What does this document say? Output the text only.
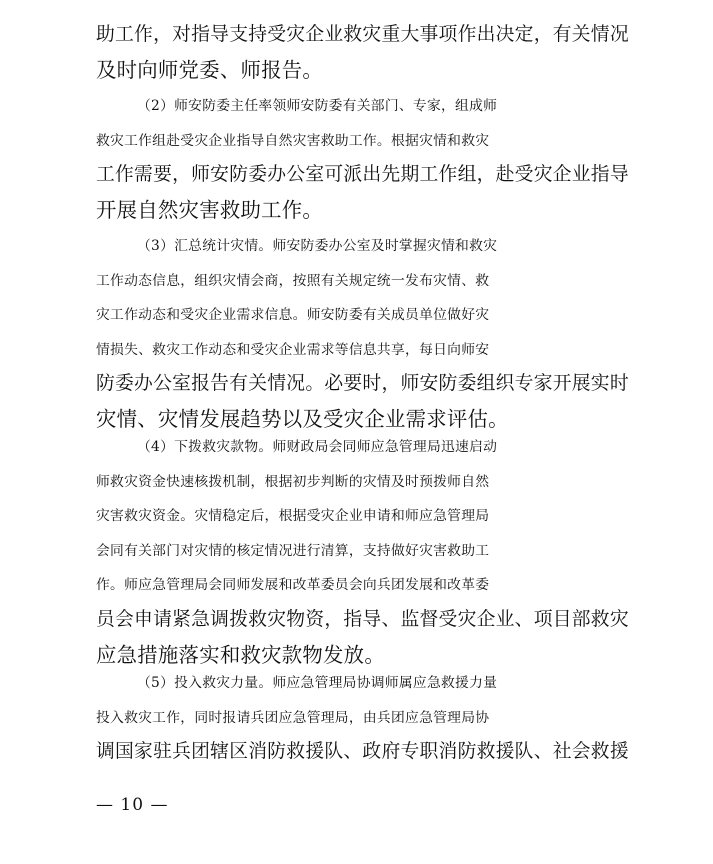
助工作，对指导支持受灾企业救灾重大事项作出决定，有关情况
及时向师党委、师报告。

（2）师安防委主任率领师安防委有关部门、专家，组成师
救灾工作组赴受灾企业指导自然灾害救助工作。根据灾情和救灾
工作需要，师安防委办公室可派出先期工作组，赴受灾企业指导
开展自然灾害救助工作。

（3）汇总统计灾情。师安防委办公室及时掌握灾情和救灾
工作动态信息，组织灾情会商，按照有关规定统一发布灾情、救
灾工作动态和受灾企业需求信息。师安防委有关成员单位做好灾
情损失、救灾工作动态和受灾企业需求等信息共享，每日向师安
防委办公室报告有关情况。必要时，师安防委组织专家开展实时
灾情、灾情发展趋势以及受灾企业需求评估。

（4）下拨救灾款物。师财政局会同师应急管理局迅速启动
师救灾资金快速核拨机制，根据初步判断的灾情及时预拨师自然
灾害救灾资金。灾情稳定后，根据受灾企业申请和师应急管理局
会同有关部门对灾情的核定情况进行清算，支持做好灾害救助工
作。师应急管理局会同师发展和改革委员会向兵团发展和改革委
员会申请紧急调拨救灾物资，指导、监督受灾企业、项目部救灾
应急措施落实和救灾款物发放。

（5）投入救灾力量。师应急管理局协调师属应急救援力量
投入救灾工作，同时报请兵团应急管理局，由兵团应急管理局协
调国家驻兵团辖区消防救援队、政府专职消防救援队、社会救援

— 10 —
